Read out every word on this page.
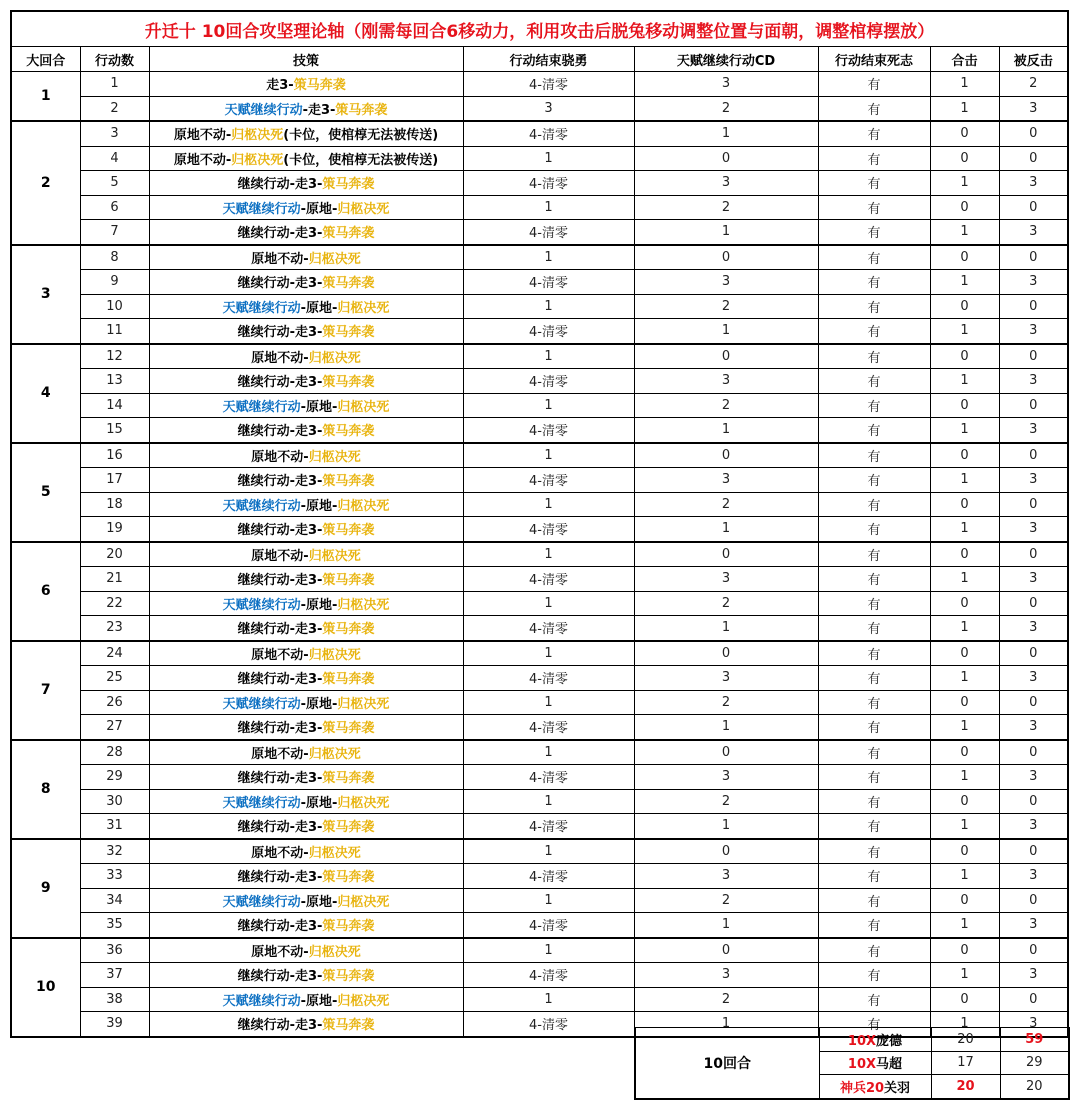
升迁十 10回合攻坚理论轴（刚需每回合6移动力，利用攻击后脱兔移动调整位置与面朝，调整棺椁摆放）							
大回合	行动数	技策	行动结束骁勇	天赋继续行动CD	行动结束死志	合击	被反击
1	1	走3-策马奔袭	4-清零	3	有	1	2
	2	天赋继续行动-走3-策马奔袭	3	2	有	1	3
2	3	原地不动-归柩决死(卡位，使棺椁无法被传送)	4-清零	1	有	0	0
	4	原地不动-归柩决死(卡位，使棺椁无法被传送)	1	0	有	0	0
	5	继续行动-走3-策马奔袭	4-清零	3	有	1	3
	6	天赋继续行动-原地-归柩决死	1	2	有	0	0
	7	继续行动-走3-策马奔袭	4-清零	1	有	1	3
3	8	原地不动-归柩决死	1	0	有	0	0
	9	继续行动-走3-策马奔袭	4-清零	3	有	1	3
	10	天赋继续行动-原地-归柩决死	1	2	有	0	0
	11	继续行动-走3-策马奔袭	4-清零	1	有	1	3
4	12	原地不动-归柩决死	1	0	有	0	0
	13	继续行动-走3-策马奔袭	4-清零	3	有	1	3
	14	天赋继续行动-原地-归柩决死	1	2	有	0	0
	15	继续行动-走3-策马奔袭	4-清零	1	有	1	3
5	16	原地不动-归柩决死	1	0	有	0	0
	17	继续行动-走3-策马奔袭	4-清零	3	有	1	3
	18	天赋继续行动-原地-归柩决死	1	2	有	0	0
	19	继续行动-走3-策马奔袭	4-清零	1	有	1	3
6	20	原地不动-归柩决死	1	0	有	0	0
	21	继续行动-走3-策马奔袭	4-清零	3	有	1	3
	22	天赋继续行动-原地-归柩决死	1	2	有	0	0
	23	继续行动-走3-策马奔袭	4-清零	1	有	1	3
7	24	原地不动-归柩决死	1	0	有	0	0
	25	继续行动-走3-策马奔袭	4-清零	3	有	1	3
	26	天赋继续行动-原地-归柩决死	1	2	有	0	0
	27	继续行动-走3-策马奔袭	4-清零	1	有	1	3
8	28	原地不动-归柩决死	1	0	有	0	0
	29	继续行动-走3-策马奔袭	4-清零	3	有	1	3
	30	天赋继续行动-原地-归柩决死	1	2	有	0	0
	31	继续行动-走3-策马奔袭	4-清零	1	有	1	3
9	32	原地不动-归柩决死	1	0	有	0	0
	33	继续行动-走3-策马奔袭	4-清零	3	有	1	3
	34	天赋继续行动-原地-归柩决死	1	2	有	0	0
	35	继续行动-走3-策马奔袭	4-清零	1	有	1	3
10	36	原地不动-归柩决死	1	0	有	0	0
	37	继续行动-走3-策马奔袭	4-清零	3	有	1	3
	38	天赋继续行动-原地-归柩决死	1	2	有	0	0
	39	继续行动-走3-策马奔袭	4-清零	1	有	1	3
10回合	10X庞德	20	59
	10X马超	17	29
	神兵20关羽	20	20
